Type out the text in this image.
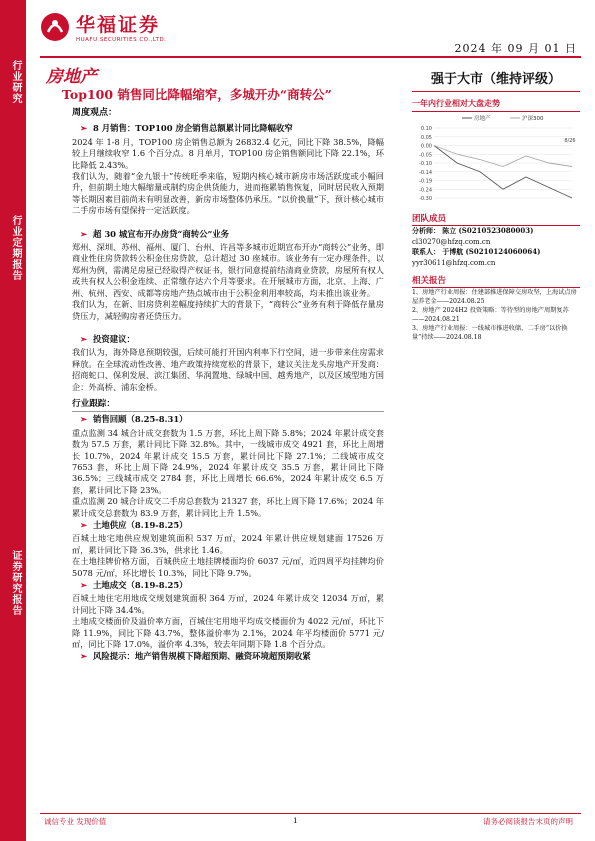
行业研究
行业定期报告
证券研究报告
华福证券
HUAFU SECURITIES CO.,LTD.
2024 年 09 月 01 日
房地产
Top100 销售同比降幅缩窄，多城开办“商转公”
周度观点：
➢ 8 月销售：TOP100 房企销售总额累计同比降幅收窄
2024 年 1-8 月，TOP100 房企销售总额为 26832.4 亿元，同比下降 38.5%，降幅较上月继续收窄 1.6 个百分点。8 月单月，TOP100 房企销售额同比下降 22.1%，环比降低 2.43%。
我们认为，随着“金九银十”传统旺季来临，短期内核心城市新房市场活跃度或小幅回升，但前期土地大幅缩量或制约房企供货能力，进而拖累销售恢复，同时居民收入预期等长期因素目前尚未有明显改善，新房市场整体仍承压。“以价换量”下，预计核心城市二手房市场有望保持一定活跃度。
➢ 超 30 城宣布开办房贷“商转公”业务
郑州、深圳、苏州、福州、厦门、台州、许昌等多城市近期宣布开办“商转公”业务，即商业性住房贷款转公积金住房贷款，总计超过 30 座城市。该业务有一定办理条件，以郑州为例，需满足房屋已经取得产权证书，银行同意提前结清商业贷款，房屋所有权人或共有权人公积金连续、正常缴存达六个月等要求。在开展城市方面，北京、上海、广州、杭州、西安、成都等房地产热点城市由于公积金利用率较高，均未推出该业务。
我们认为，在新、旧房贷利差幅度持续扩大的背景下，“商转公”业务有利于降低存量房贷压力，减轻购房者还贷压力。
➢ 投资建议：
我们认为，海外降息预期较强，后续可能打开国内利率下行空间，进一步带来住房需求释放。在全球流动性改善、地产政策持续宽松的背景下，建议关注龙头房地产开发商：招商蛇口、保利发展、滨江集团、华润置地、绿城中国、越秀地产，以及区域型地方国企：外高桥、浦东金桥。
行业跟踪：
➢ 销售回顾（8.25-8.31）
重点监测 34 城合计成交套数为 1.5 万套，环比上周下降 5.8%；2024 年累计成交套数为 57.5 万套，累计同比下降 32.8%。其中，一线城市成交 4921 套，环比上周增长 10.7%，2024 年累计成交 15.5 万套，累计同比下降 27.1%；二线城市成交 7653 套，环比上周下降 24.9%，2024 年累计成交 35.5 万套，累计同比下降 36.5%；三线城市成交 2784 套，环比上周增长 66.6%，2024 年累计成交 6.5 万套，累计同比下降 23%。
重点监测 20 城合计成交二手房总套数为 21327 套，环比上周下降 17.6%；2024 年累计成交总套数为 83.9 万套，累计同比上升 1.5%。
➢ 土地供应（8.19-8.25）
百城土地宅地供应规划建筑面积 537 万㎡，2024 年累计供应规划建面 17526 万㎡，累计同比下降 36.3%，供求比 1.46。
在土地挂牌价格方面，百城供应土地挂牌楼面均价 6037 元/㎡，近四周平均挂牌均价 5078 元/㎡，环比增长 10.3%，同比下降 9.7%。
➢ 土地成交（8.19-8.25）
百城土地住宅用地成交规划建筑面积 364 万㎡，2024 年累计成交 12034 万㎡，累计同比下降 34.4%。
土地成交楼面价及溢价率方面，百城住宅用地平均成交楼面价为 4022 元/㎡，环比下降 11.9%，同比下降 43.7%，整体溢价率为 2.1%，2024 年平均楼面价 5771 元/㎡，同比下降 17.0%，溢价率 4.3%，较去年同期下降 1.8 个百分点。
➢ 风险提示：地产销售规模下降超预期、融资环境超预期收紧
强于大市（维持评级）
一年内行业相对大盘走势
0.10
0.05
0.00
-0.05
-0.10
-0.14
-0.19
-0.24
-0.30
8/26
房地产	沪深300
团队成员
分析师： 陈立 (S0210523080003)
cl30270@hfzq.com.cn
联系人： 于博航 (S0210124060064)
yyr30611@hfzq.com.cn
相关报告
1、房地产行业周报：住建部推进保障交房攻坚，上海试点房屋养老金——2024.08.25
2、房地产 2024H2 投资策略：等待型的房地产周期复苏——2024.08.21
3、房地产行业周报：一线城市推进收储，二手房“以价换量”持续——2024.08.18
诚信专业 发现价值	1	请务必阅读报告末页的声明
